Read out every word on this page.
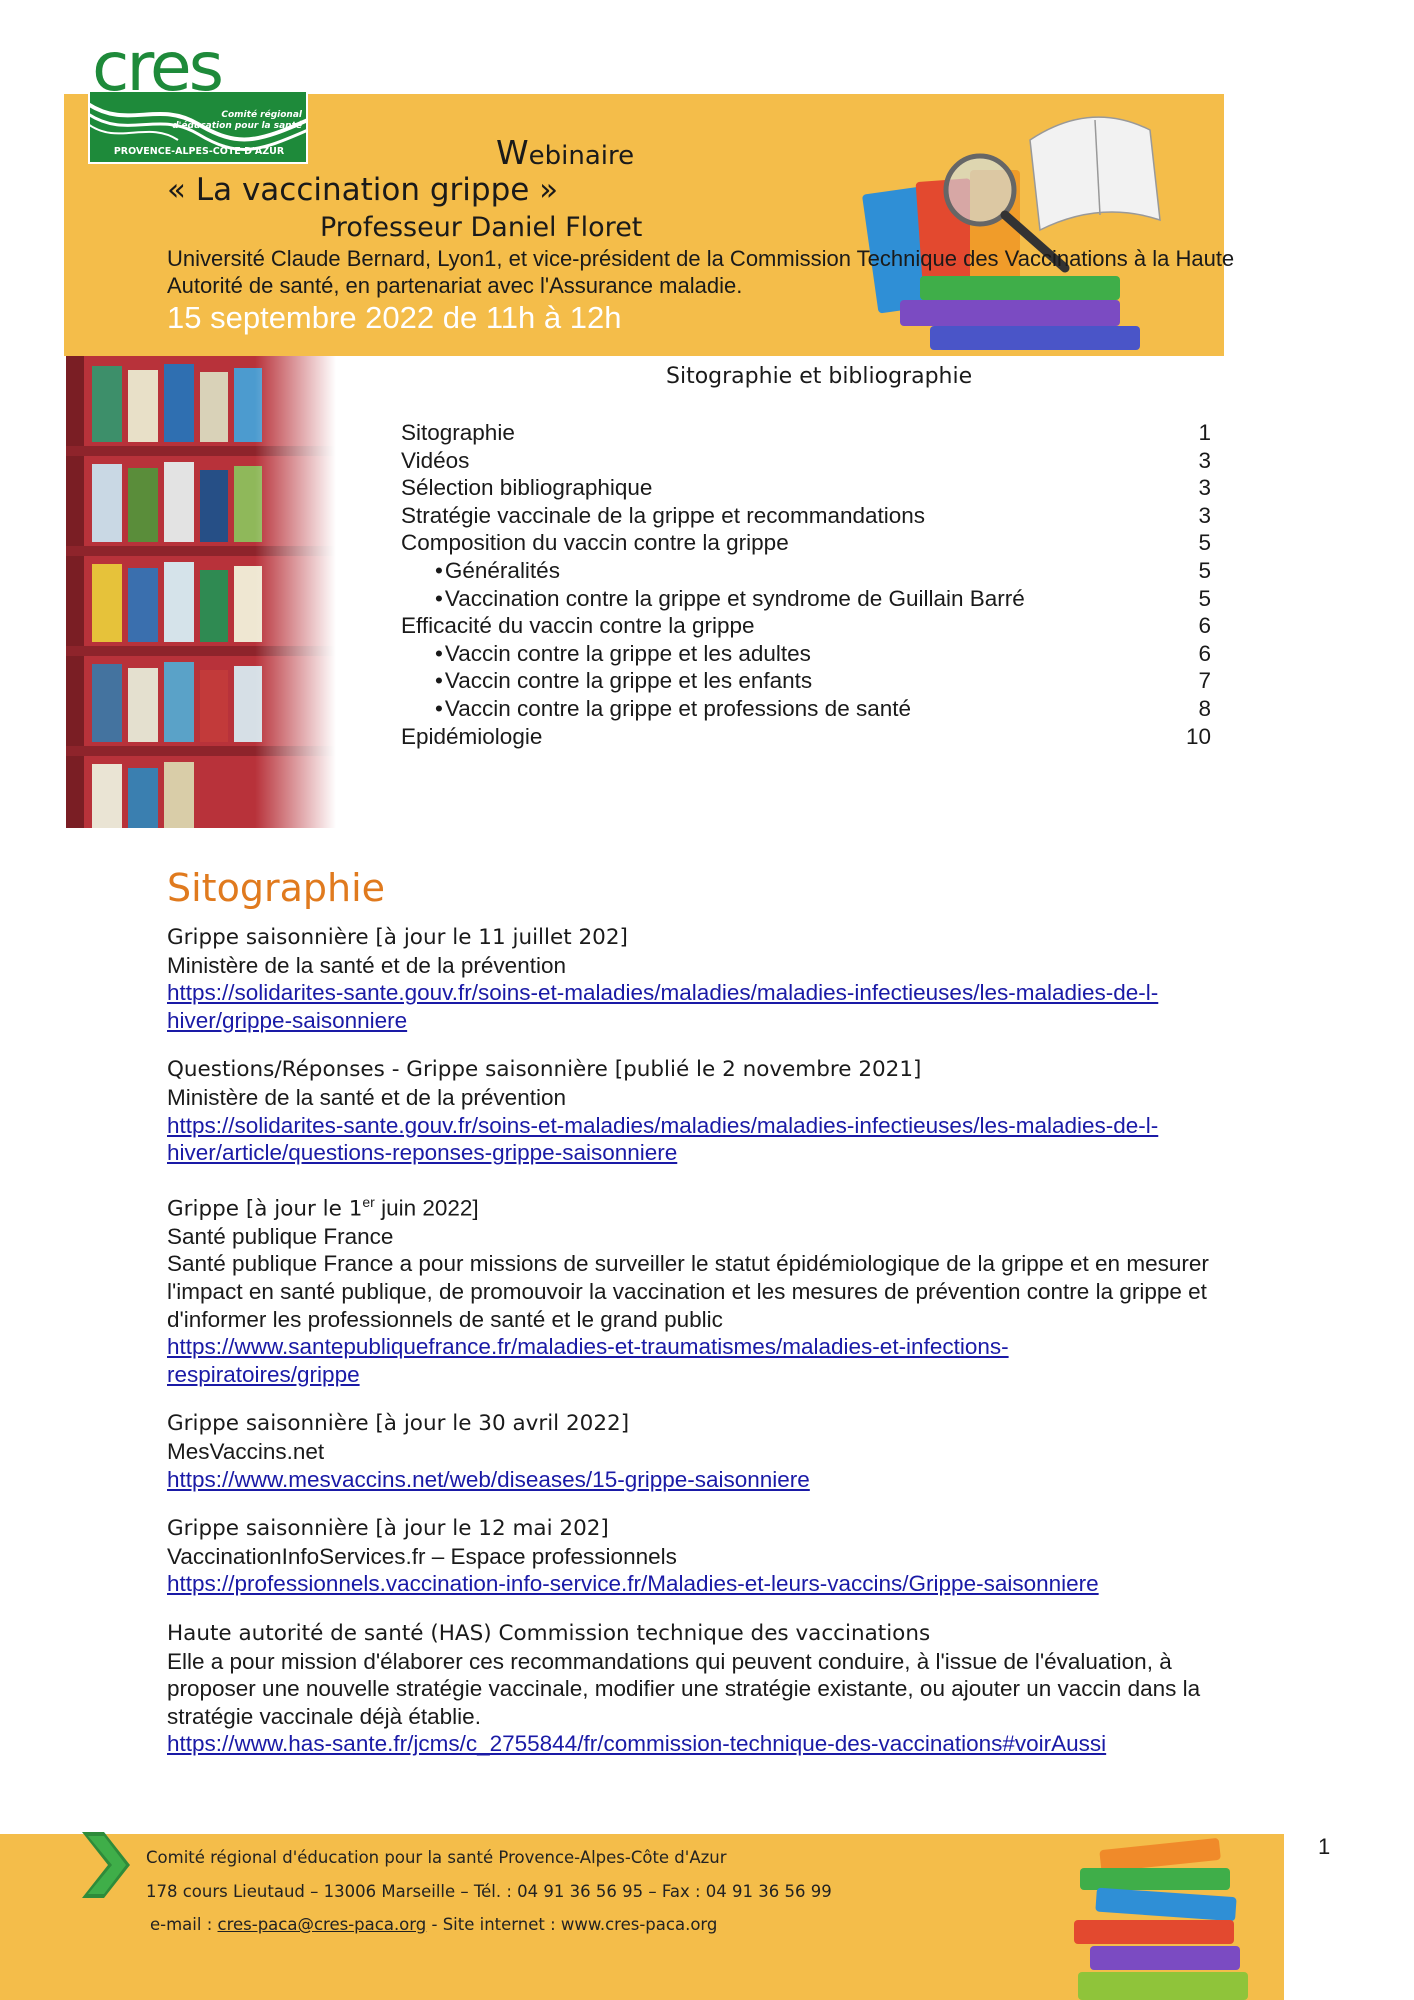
cres
Comité régional d'éducation pour la santé
PROVENCE-ALPES-CÔTE D'AZUR	Webinaire
« La vaccination grippe »
Professeur Daniel Floret
Université Claude Bernard, Lyon1, et vice-président de la Commission Technique des Vaccinations à la Haute Autorité de santé, en partenariat avec l'Assurance maladie.
15 septembre 2022 de 11h à 12h
Sitographie et bibliographie
Sitographie	1
Vidéos	3
Sélection bibliographique	3
Stratégie vaccinale de la grippe et recommandations	3
Composition du vaccin contre la grippe	5
• Généralités	5
• Vaccination contre la grippe et syndrome de Guillain Barré	5
Efficacité du vaccin contre la grippe	6
• Vaccin contre la grippe et les adultes	6
• Vaccin contre la grippe et les enfants	7
• Vaccin contre la grippe et professions de santé	8
Epidémiologie	10
Sitographie
Grippe saisonnière [à jour le 11 juillet 202]
Ministère de la santé et de la prévention
https://solidarites-sante.gouv.fr/soins-et-maladies/maladies/maladies-infectieuses/les-maladies-de-l-
hiver/grippe-saisonniere
Questions/Réponses - Grippe saisonnière [publié le 2 novembre 2021]
Ministère de la santé et de la prévention
https://solidarites-sante.gouv.fr/soins-et-maladies/maladies/maladies-infectieuses/les-maladies-de-l-
hiver/article/questions-reponses-grippe-saisonniere
Grippe [à jour le 1er juin 2022]
Santé publique France
Santé publique France a pour missions de surveiller le statut épidémiologique de la grippe et en mesurer l'impact en santé publique, de promouvoir la vaccination et les mesures de prévention contre la grippe et d'informer les professionnels de santé et le grand public
https://www.santepubliquefrance.fr/maladies-et-traumatismes/maladies-et-infections-
respiratoires/grippe
Grippe saisonnière [à jour le 30 avril 2022]
MesVaccins.net
https://www.mesvaccins.net/web/diseases/15-grippe-saisonniere
Grippe saisonnière [à jour le 12 mai 202]
VaccinationInfoServices.fr – Espace professionnels
https://professionnels.vaccination-info-service.fr/Maladies-et-leurs-vaccins/Grippe-saisonniere
Haute autorité de santé (HAS) Commission technique des vaccinations
Elle a pour mission d'élaborer ces recommandations qui peuvent conduire, à l'issue de l'évaluation, à proposer une nouvelle stratégie vaccinale, modifier une stratégie existante, ou ajouter un vaccin dans la stratégie vaccinale déjà établie.
https://www.has-sante.fr/jcms/c_2755844/fr/commission-technique-des-vaccinations#voirAussi
Comité régional d'éducation pour la santé Provence-Alpes-Côte d'Azur
178 cours Lieutaud – 13006 Marseille – Tél. : 04 91 36 56 95 – Fax : 04 91 36 56 99
e-mail : cres-paca@cres-paca.org - Site internet : www.cres-paca.org
1
